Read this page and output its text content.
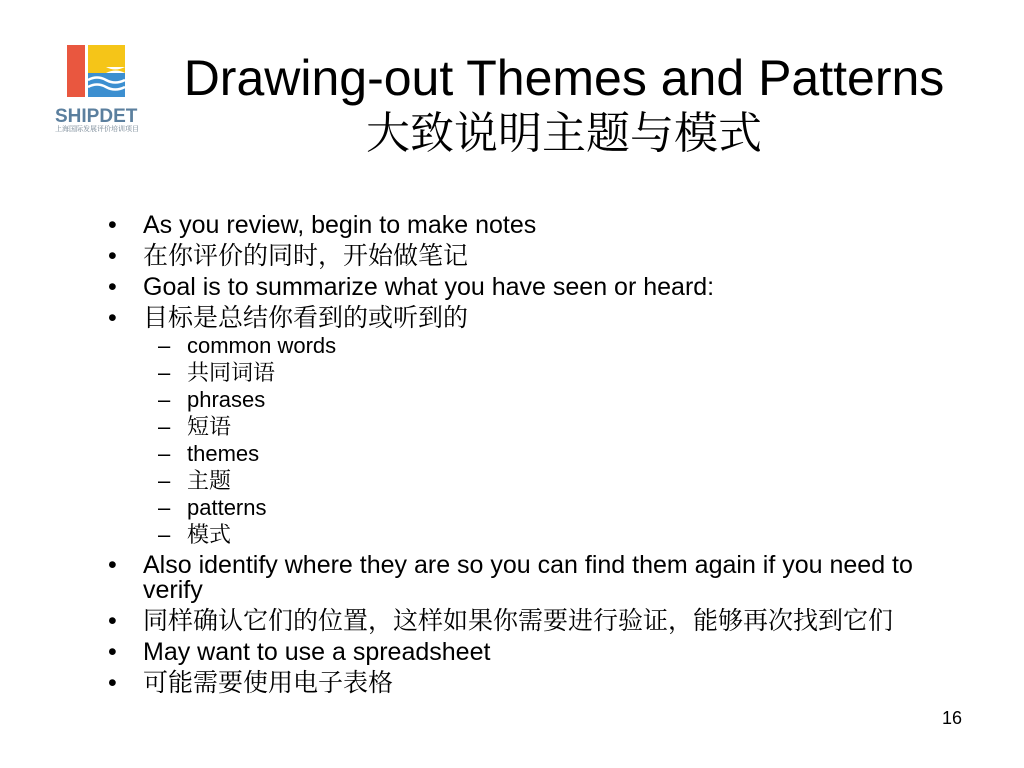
SHIPDET
上海国际发展评价培训项目
Drawing-out Themes and Patterns
大致说明主题与模式
• As you review, begin to make notes
• 在你评价的同时，开始做笔记
• Goal is to summarize what you have seen or heard:
• 目标是总结你看到的或听到的
– common words
– 共同词语
– phrases
– 短语
– themes
– 主题
– patterns
– 模式
• Also identify where they are so you can find them again if you need to verify
• 同样确认它们的位置，这样如果你需要进行验证，能够再次找到它们
• May want to use a spreadsheet
• 可能需要使用电子表格
16
